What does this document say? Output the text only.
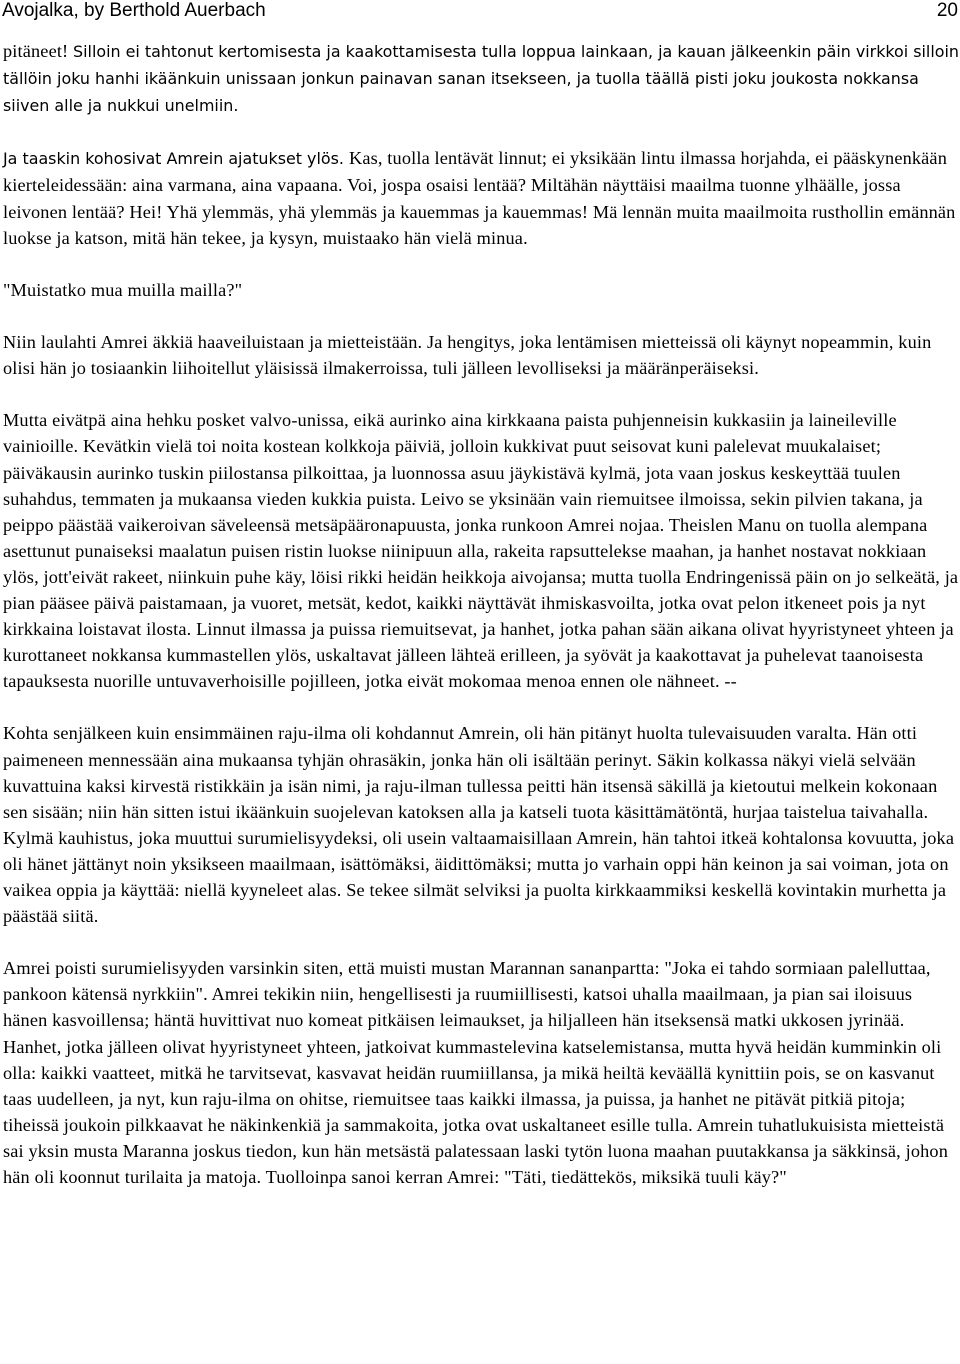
Avojalka, by Berthold Auerbach	20

pitäneet! Silloin ei tahtonut kertomisesta ja kaakottamisesta tulla loppua lainkaan, ja kauan jälkeenkin päin virkkoi silloin tällöin joku hanhi ikäänkuin unissaan jonkun painavan sanan itsekseen, ja tuolla täällä pisti joku joukosta nokkansa siiven alle ja nukkui unelmiin.

Ja taaskin kohosivat Amrein ajatukset ylös. Kas, tuolla lentävät linnut; ei yksikään lintu ilmassa horjahda, ei pääskynenkään kierteleidessään: aina varmana, aina vapaana. Voi, jospa osaisi lentää? Miltähän näyttäisi maailma tuonne ylhäälle, jossa leivonen lentää? Hei! Yhä ylemmäs, yhä ylemmäs ja kauemmas ja kauemmas! Mä lennän muita maailmoita rusthollin emännän luokse ja katson, mitä hän tekee, ja kysyn, muistaako hän vielä minua.

"Muistatko mua muilla mailla?"

Niin laulahti Amrei äkkiä haaveiluistaan ja mietteistään. Ja hengitys, joka lentämisen mietteissä oli käynyt nopeammin, kuin olisi hän jo tosiaankin liihoitellut yläisissä ilmakerroissa, tuli jälleen levolliseksi ja määränperäiseksi.

Mutta eivätpä aina hehku posket valvo-unissa, eikä aurinko aina kirkkaana paista puhjenneisin kukkasiin ja laineileville vainioille. Kevätkin vielä toi noita kostean kolkkoja päiviä, jolloin kukkivat puut seisovat kuni palelevat muukalaiset; päiväkausin aurinko tuskin piilostansa pilkoittaa, ja luonnossa asuu jäykistävä kylmä, jota vaan joskus keskeyttää tuulen suhahdus, temmaten ja mukaansa vieden kukkia puista. Leivo se yksinään vain riemuitsee ilmoissa, sekin pilvien takana, ja peippo päästää vaikeroivan säveleensä metsäpääronapuusta, jonka runkoon Amrei nojaa. Theislen Manu on tuolla alempana asettunut punaiseksi maalatun puisen ristin luokse niinipuun alla, rakeita rapsuttelekse maahan, ja hanhet nostavat nokkiaan ylös, jott'eivät rakeet, niinkuin puhe käy, löisi rikki heidän heikkoja aivojansa; mutta tuolla Endringenissä päin on jo selkeätä, ja pian pääsee päivä paistamaan, ja vuoret, metsät, kedot, kaikki näyttävät ihmiskasvoilta, jotka ovat pelon itkeneet pois ja nyt kirkkaina loistavat ilosta. Linnut ilmassa ja puissa riemuitsevat, ja hanhet, jotka pahan sään aikana olivat hyyristyneet yhteen ja kurottaneet nokkansa kummastellen ylös, uskaltavat jälleen lähteä erilleen, ja syövät ja kaakottavat ja puhelevat taanoisesta tapauksesta nuorille untuvaverhoisille pojilleen, jotka eivät mokomaa menoa ennen ole nähneet. --

Kohta senjälkeen kuin ensimmäinen raju-ilma oli kohdannut Amrein, oli hän pitänyt huolta tulevaisuuden varalta. Hän otti paimeneen mennessään aina mukaansa tyhjän ohrasäkin, jonka hän oli isältään perinyt. Säkin kolkassa näkyi vielä selvään kuvattuina kaksi kirvestä ristikkäin ja isän nimi, ja raju-ilman tullessa peitti hän itsensä säkillä ja kietoutui melkein kokonaan sen sisään; niin hän sitten istui ikäänkuin suojelevan katoksen alla ja katseli tuota käsittämätöntä, hurjaa taistelua taivahalla. Kylmä kauhistus, joka muuttui surumielisyydeksi, oli usein valtaamaisillaan Amrein, hän tahtoi itkeä kohtalonsa kovuutta, joka oli hänet jättänyt noin yksikseen maailmaan, isättömäksi, äidittömäksi; mutta jo varhain oppi hän keinon ja sai voiman, jota on vaikea oppia ja käyttää: niellä kyyneleet alas. Se tekee silmät selviksi ja puolta kirkkaammiksi keskellä kovintakin murhetta ja päästää siitä.

Amrei poisti surumielisyyden varsinkin siten, että muisti mustan Marannan sananpartta: "Joka ei tahdo sormiaan palelluttaa, pankoon kätensä nyrkkiin". Amrei tekikin niin, hengellisesti ja ruumiillisesti, katsoi uhalla maailmaan, ja pian sai iloisuus hänen kasvoillensa; häntä huvittivat nuo komeat pitkäisen leimaukset, ja hiljalleen hän itseksensä matki ukkosen jyrinää. Hanhet, jotka jälleen olivat hyyristyneet yhteen, jatkoivat kummastelevina katselemistansa, mutta hyvä heidän kumminkin oli olla: kaikki vaatteet, mitkä he tarvitsevat, kasvavat heidän ruumiillansa, ja mikä heiltä keväällä kynittiin pois, se on kasvanut taas uudelleen, ja nyt, kun raju-ilma on ohitse, riemuitsee taas kaikki ilmassa, ja puissa, ja hanhet ne pitävät pitkiä pitoja; tiheissä joukoin pilkkaavat he näkinkenkiä ja sammakoita, jotka ovat uskaltaneet esille tulla. Amrein tuhatlukuisista mietteistä sai yksin musta Maranna joskus tiedon, kun hän metsästä palatessaan laski tytön luona maahan puutakkansa ja säkkinsä, johon hän oli koonnut turilaita ja matoja. Tuolloinpa sanoi kerran Amrei: "Täti, tiedättekös, miksikä tuuli käy?"
